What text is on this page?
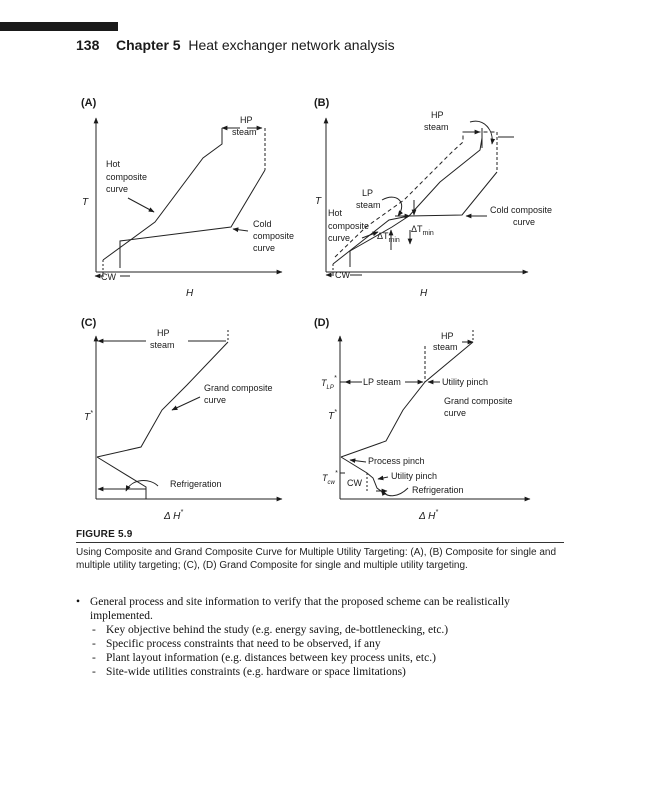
138 Chapter 5 Heat exchanger network analysis
(A)
T
H
HP
steam
Hot
composite
curve
Cold
composite
curve
CW
(B)
T
H
HP
steam
LP
steam
Hot
composite
curve
Cold composite
curve
$\Delta T_{min}$
$\Delta T_{min}$
CW
(C)
T*
Δ H*
HP
steam
Grand composite
curve
Refrigeration
(D)
T*
Δ H*
$T_{LP}^*$
$T_{cw}^*$
HP
steam
LP steam	Utility pinch
Grand composite
curve
Process pinch
Utility pinch
CW
Refrigeration
FIGURE 5.9
Using Composite and Grand Composite Curve for Multiple Utility Targeting: (A), (B) Composite for single and multiple utility targeting; (C), (D) Grand Composite for single and multiple utility targeting.
• General process and site information to verify that the proposed scheme can be realistically implemented.
- Key objective behind the study (e.g. energy saving, de-bottlenecking, etc.)
- Specific process constraints that need to be observed, if any
- Plant layout information (e.g. distances between key process units, etc.)
- Site-wide utilities constraints (e.g. hardware or space limitations)
